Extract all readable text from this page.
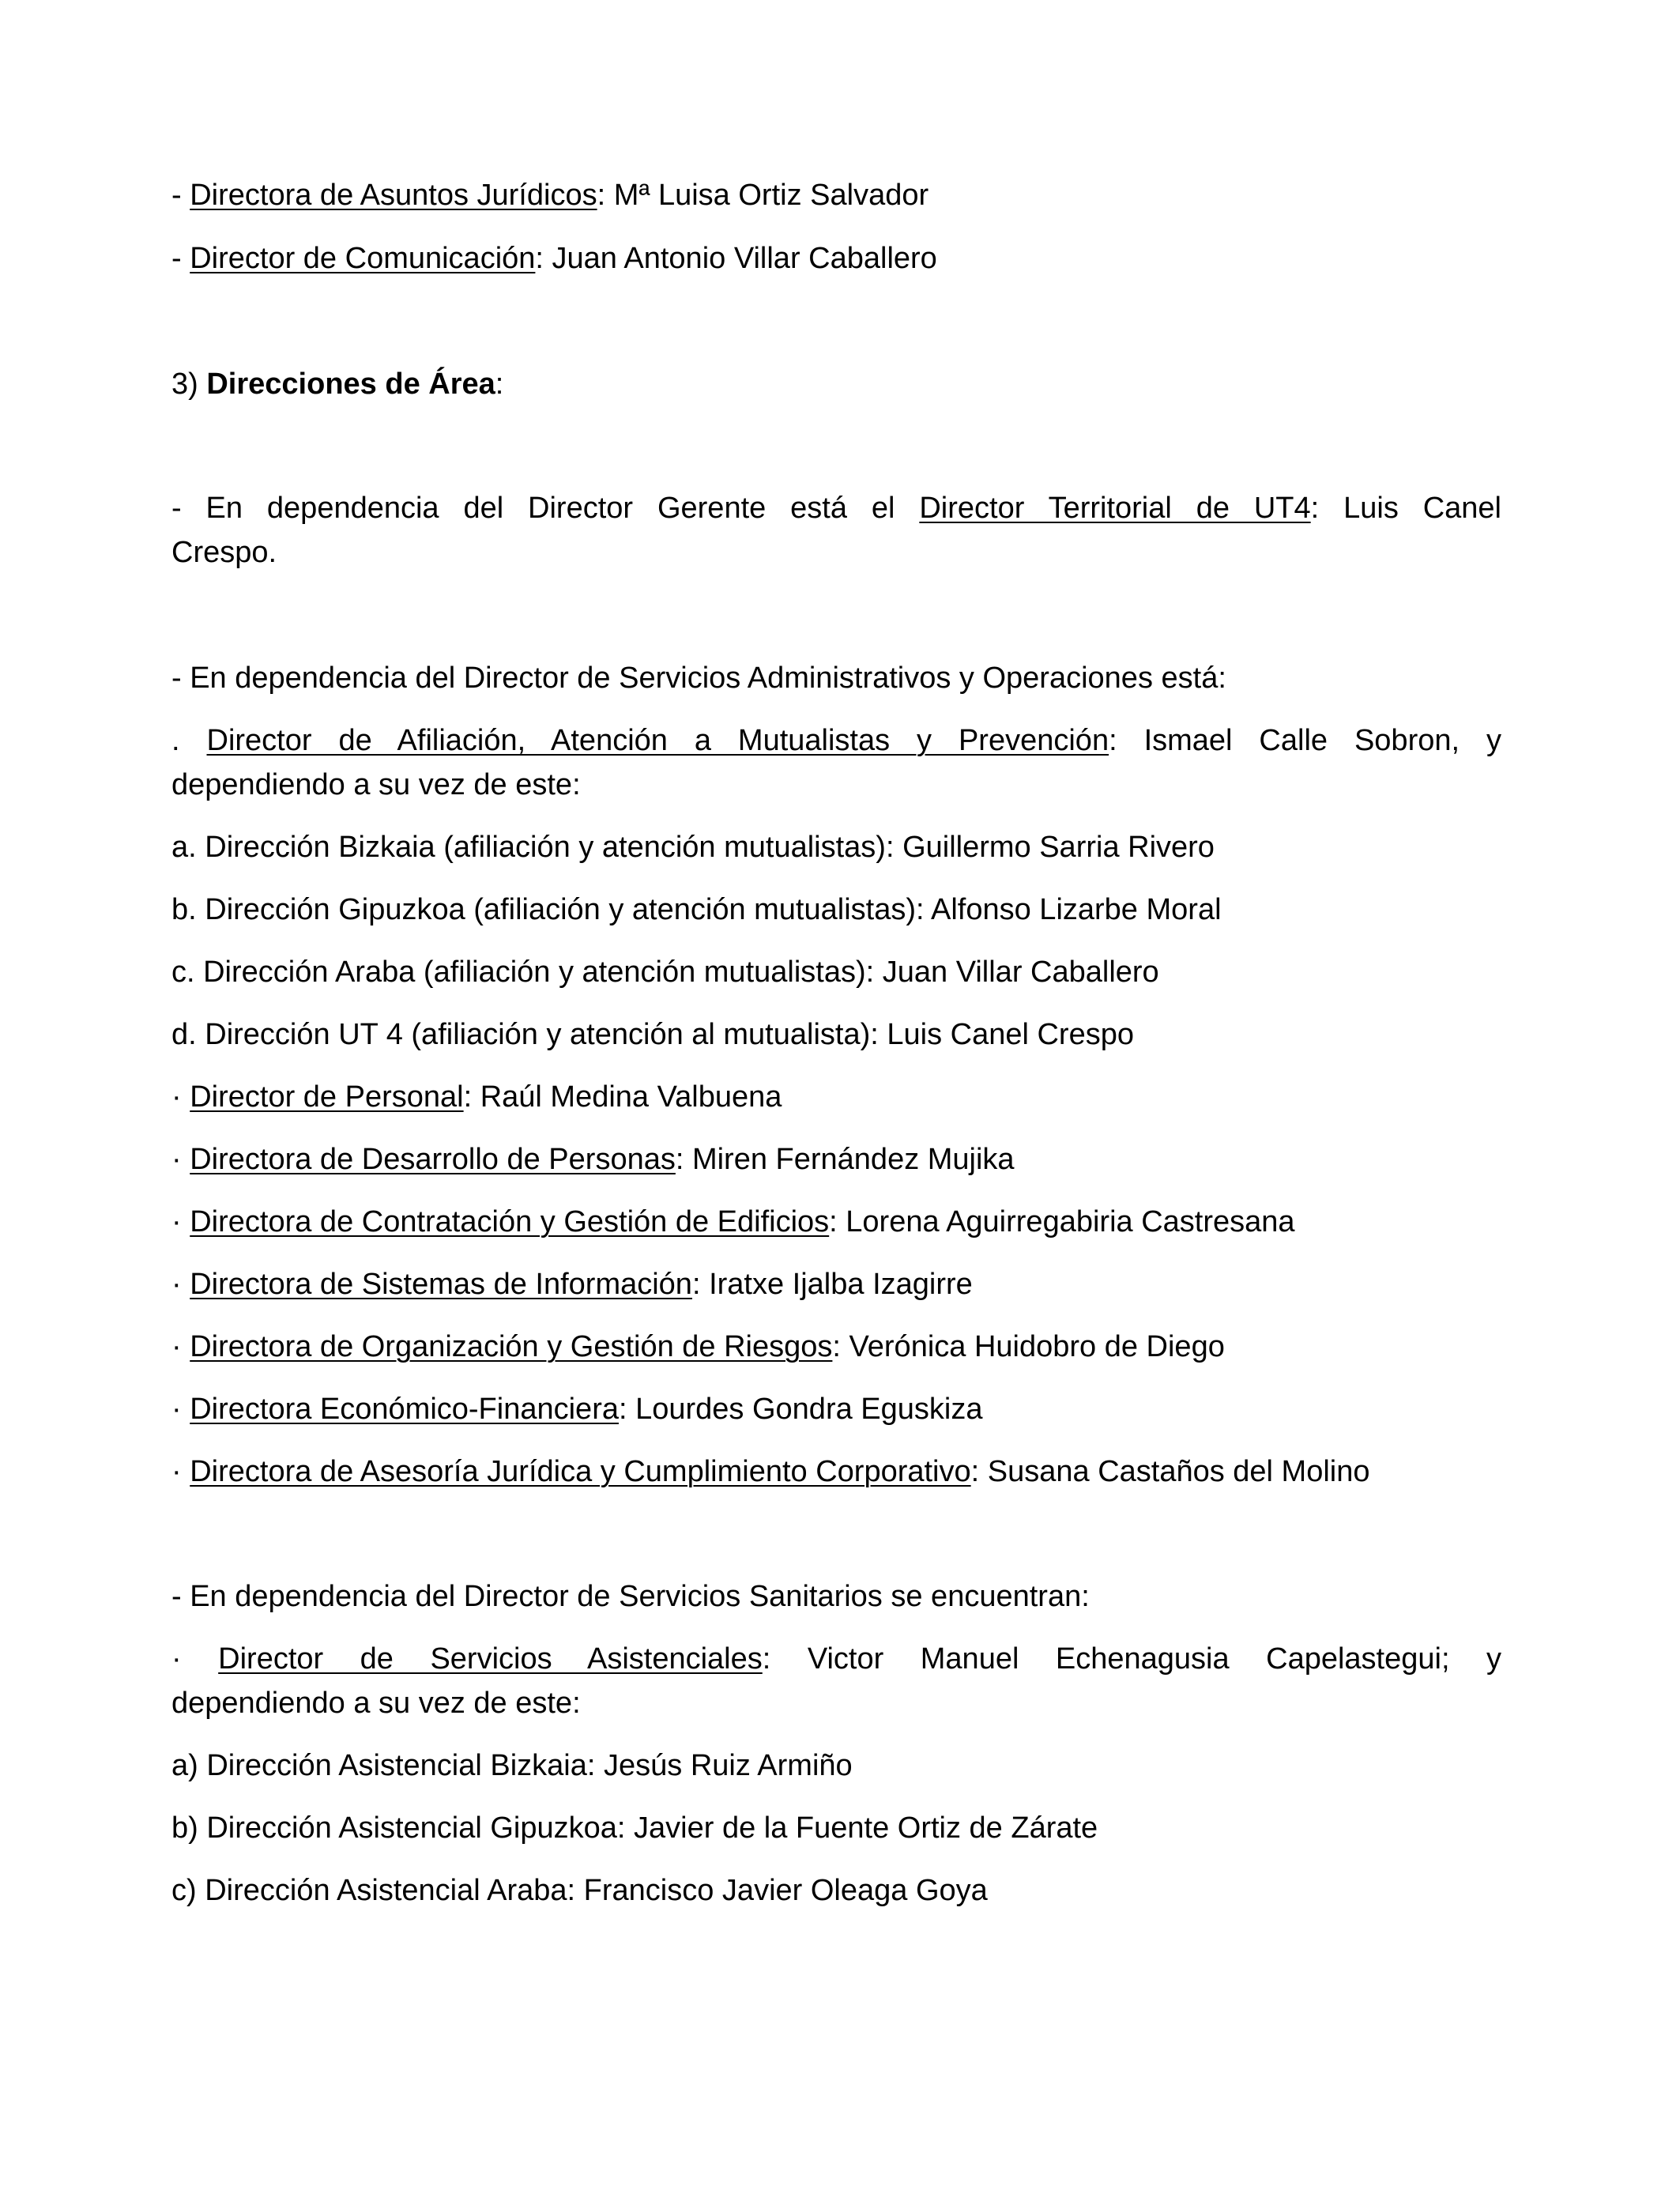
- Directora de Asuntos Jurídicos: Mª Luisa Ortiz Salvador
- Director de Comunicación: Juan Antonio Villar Caballero
3) Direcciones de Área:
- En dependencia del Director Gerente está el Director Territorial de UT4: Luis Canel
Crespo.
- En dependencia del Director de Servicios Administrativos y Operaciones está:
. Director de Afiliación, Atención a Mutualistas y Prevención: Ismael Calle Sobron, y
dependiendo a su vez de este:
a. Dirección Bizkaia (afiliación y atención mutualistas): Guillermo Sarria Rivero
b. Dirección Gipuzkoa (afiliación y atención mutualistas): Alfonso Lizarbe Moral
c. Dirección Araba (afiliación y atención mutualistas): Juan Villar Caballero
d. Dirección UT 4 (afiliación y atención al mutualista): Luis Canel Crespo
· Director de Personal: Raúl Medina Valbuena
· Directora de Desarrollo de Personas: Miren Fernández Mujika
· Directora de Contratación y Gestión de Edificios: Lorena Aguirregabiria Castresana
· Directora de Sistemas de Información: Iratxe Ijalba Izagirre
· Directora de Organización y Gestión de Riesgos: Verónica Huidobro de Diego
· Directora Económico-Financiera: Lourdes Gondra Eguskiza
· Directora de Asesoría Jurídica y Cumplimiento Corporativo: Susana Castaños del Molino
- En dependencia del Director de Servicios Sanitarios se encuentran:
· Director de Servicios Asistenciales: Victor Manuel Echenagusia Capelastegui; y
dependiendo a su vez de este:
a) Dirección Asistencial Bizkaia: Jesús Ruiz Armiño
b) Dirección Asistencial Gipuzkoa: Javier de la Fuente Ortiz de Zárate
c) Dirección Asistencial Araba: Francisco Javier Oleaga Goya
